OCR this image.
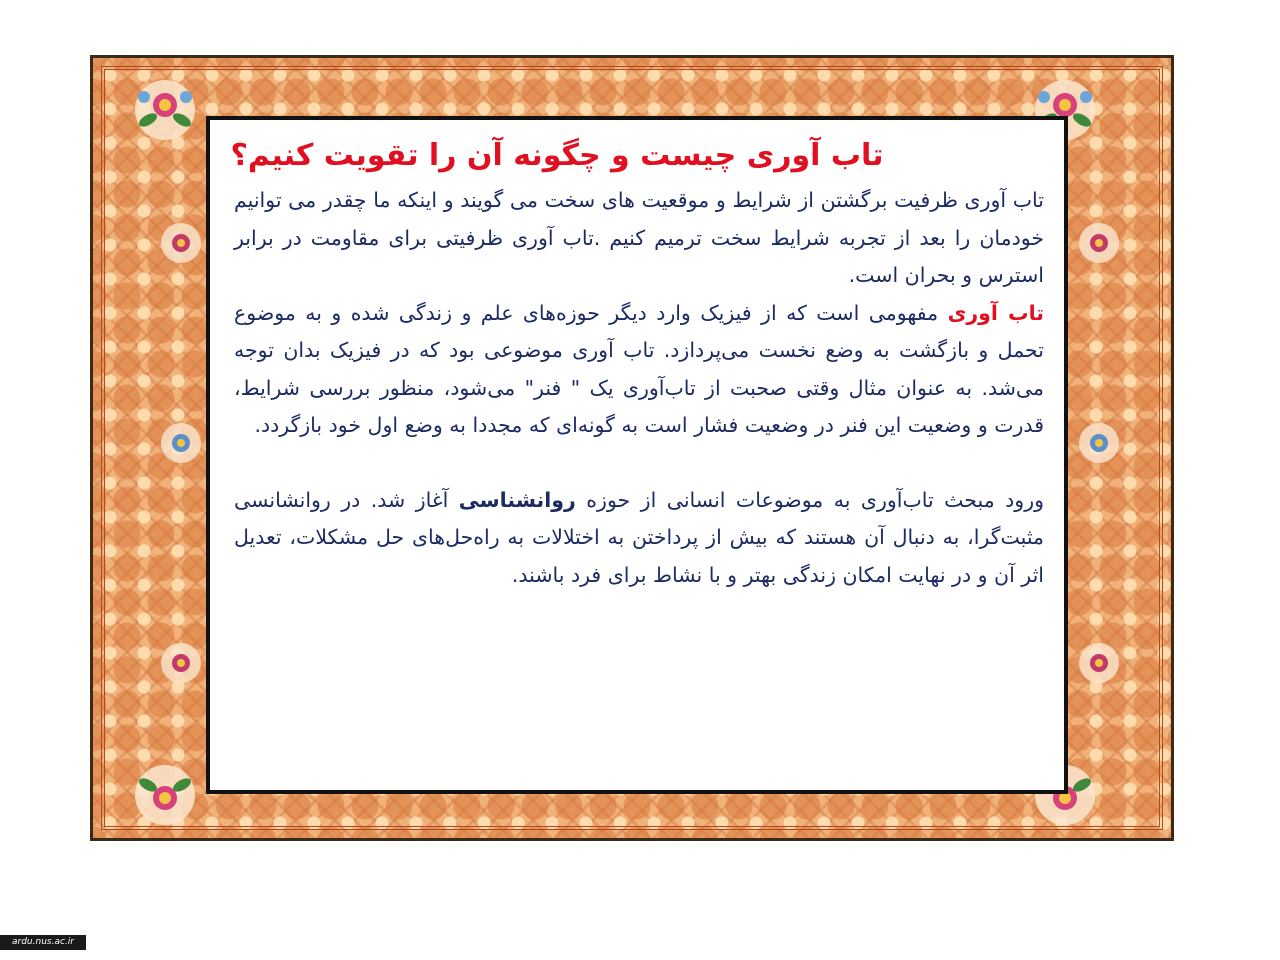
تاب آوری چیست و چگونه آن را تقویت کنیم؟

تاب آوری ظرفیت برگشتن از شرایط و موقعیت های سخت می گویند و اینکه ما چقدر می توانیم خودمان را بعد از تجربه شرایط سخت ترمیم کنیم .تاب آوری ظرفیتی برای مقاومت در برابر استرس و بحران است.

تاب آوری مفهومی است که از فیزیک وارد دیگر حوزه‌های علم و زندگی شده و به موضوع تحمل و بازگشت به وضع نخست می‌پردازد. تاب آوری موضوعی بود که در فیزیک بدان توجه می‌شد. به عنوان مثال وقتی صحبت از تاب‌آوری یک " فنر" می‌شود، منظور بررسی شرایط، قدرت و وضعیت این فنر در وضعیت فشار است به گونه‌ای که مجددا به وضع اول خود بازگردد.

ورود مبحث تاب‌آوری به موضوعات انسانی از حوزه روانشناسی آغاز شد. در روانشانسی مثبت‌گرا، به دنبال آن هستند که بیش از پرداختن به اختلالات به راه‌حل‌های حل مشکلات، تعدیل اثر آن و در نهایت امکان زندگی بهتر و با نشاط برای فرد باشند.

ardu.nus.ac.ir
